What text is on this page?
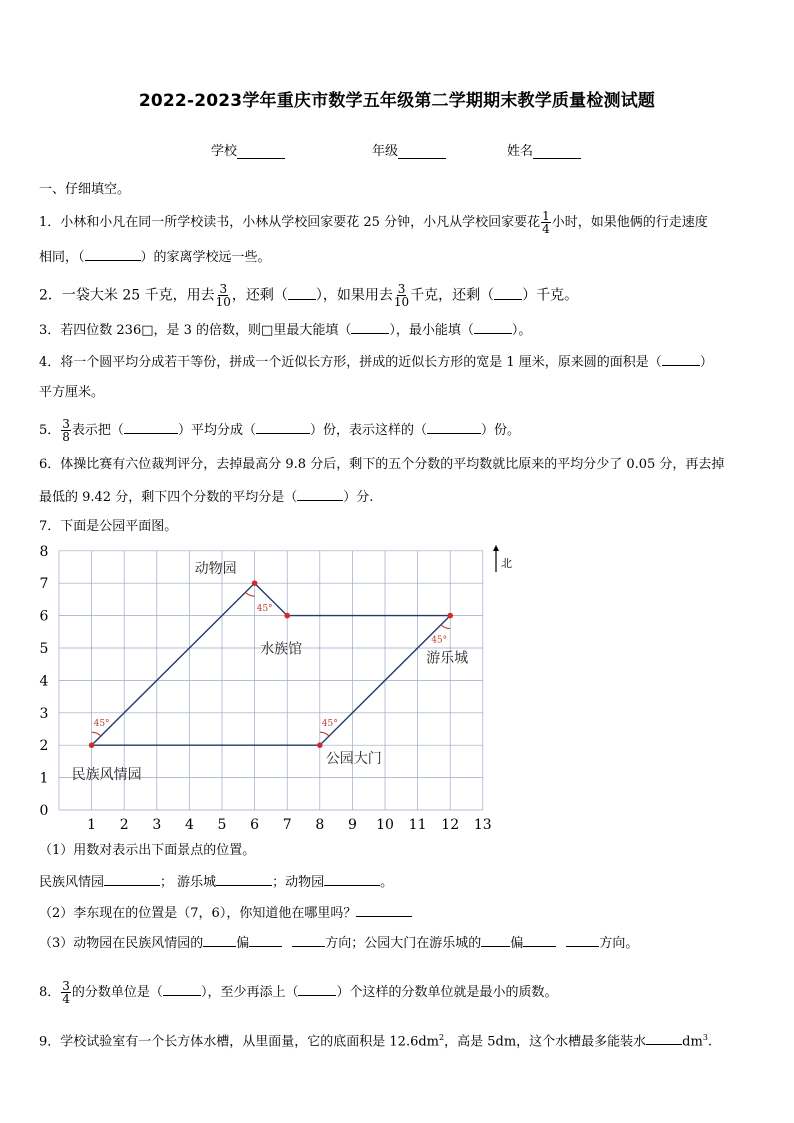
2022-2023学年重庆市数学五年级第二学期期末教学质量检测试题
学校	年级	姓名
一、仔细填空。
1．小林和小凡在同一所学校读书，小林从学校回家要花 25 分钟，小凡从学校回家要花 $\frac{1}{4}$ 小时，如果他俩的行走速度
相同，（	）的家离学校远一些。
2．一袋大米 25 千克，用去 $\frac{3}{10}$ ，还剩（ ），如果用去 $\frac{3}{10}$ 千克，还剩（ ）千克。
3．若四位数 236□，是 3 的倍数，则□里最大能填（	），最小能填（	）。
4．将一个圆平均分成若干等份，拼成一个近似长方形，拼成的近似长方形的宽是 1 厘米，原来圆的面积是（	）
平方厘米。
5． $\frac{3}{8}$ 表示把（	）平均分成（	）份，表示这样的（	）份。
6．体操比赛有六位裁判评分，去掉最高分 9.8 分后，剩下的五个分数的平均数就比原来的平均分少了 0.05 分，再去掉
最低的 9.42 分，剩下四个分数的平均分是（	）分.
7．下面是公园平面图。
1 2 3 4 5 6 7 8 9 10 11 12 13
0
1
2
3
4
5
6
7
8
45°
45°
45°
45°
民族风情园
动物园
水族馆
游乐城
公园大门
北
（1）用数对表示出下面景点的位置。
民族风情园	； 游乐城	；动物园	。
（2）李东现在的位置是（7，6），你知道他在哪里吗？
（3）动物园在民族风情园的	偏	方向；公园大门在游乐城的 偏	方向。
8． $\frac{3}{4}$ 的分数单位是（	），至少再添上（	）个这样的分数单位就是最小的质数。
9．学校试验室有一个长方体水槽，从里面量，它的底面积是 $12.6dm^2$，高是 5dm，这个水槽最多能装水	$dm^3$.
